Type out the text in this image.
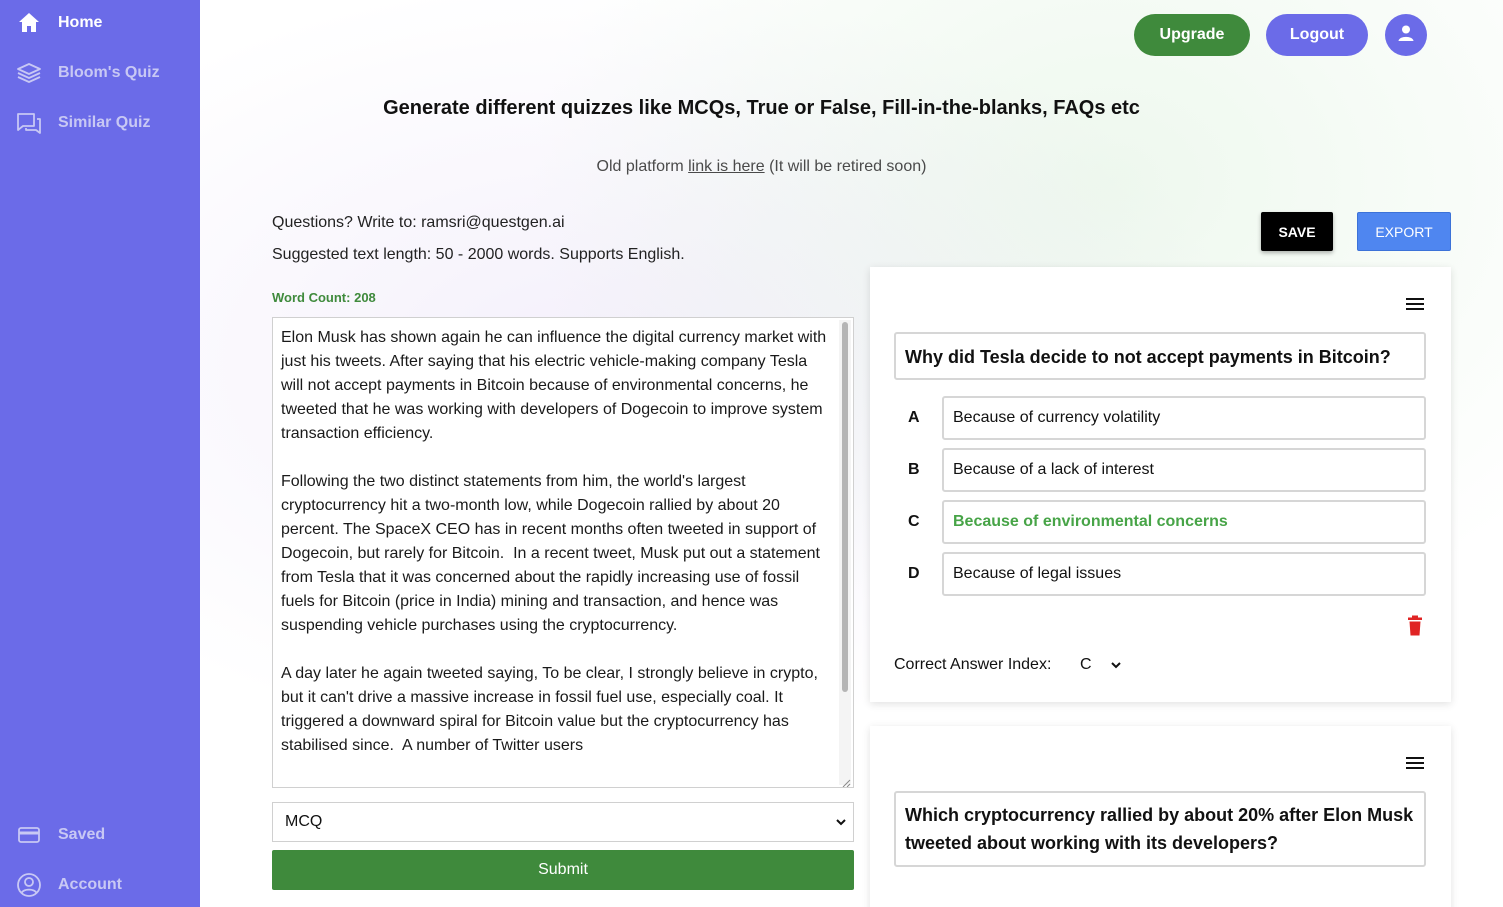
Home
Bloom's Quiz
Similar Quiz
Saved
Account
Upgrade	Logout
Generate different quizzes like MCQs, True or False, Fill-in-the-blanks, FAQs etc
Old platform link is here (It will be retired soon)
Questions? Write to: ramsri@questgen.ai
Suggested text length: 50 - 2000 words. Supports English.
Word Count: 208
Elon Musk has shown again he can influence the digital currency market with just his tweets. After saying that his electric vehicle-making company Tesla will not accept payments in Bitcoin because of environmental concerns, he tweeted that he was working with developers of Dogecoin to improve system transaction efficiency.

Following the two distinct statements from him, the world's largest cryptocurrency hit a two-month low, while Dogecoin rallied by about 20 percent. The SpaceX CEO has in recent months often tweeted in support of Dogecoin, but rarely for Bitcoin.  In a recent tweet, Musk put out a statement from Tesla that it was concerned about the rapidly increasing use of fossil fuels for Bitcoin (price in India) mining and transaction, and hence was suspending vehicle purchases using the cryptocurrency.

A day later he again tweeted saying, To be clear, I strongly believe in crypto, but it can't drive a massive increase in fossil fuel use, especially coal. It triggered a downward spiral for Bitcoin value but the cryptocurrency has stabilised since.  A number of Twitter users
MCQ
Submit
SAVE	EXPORT
Why did Tesla decide to not accept payments in Bitcoin?
A	Because of currency volatility
B	Because of a lack of interest
C	Because of environmental concerns
D	Because of legal issues
Correct Answer Index: C
Which cryptocurrency rallied by about 20% after Elon Musk tweeted about working with its developers?
